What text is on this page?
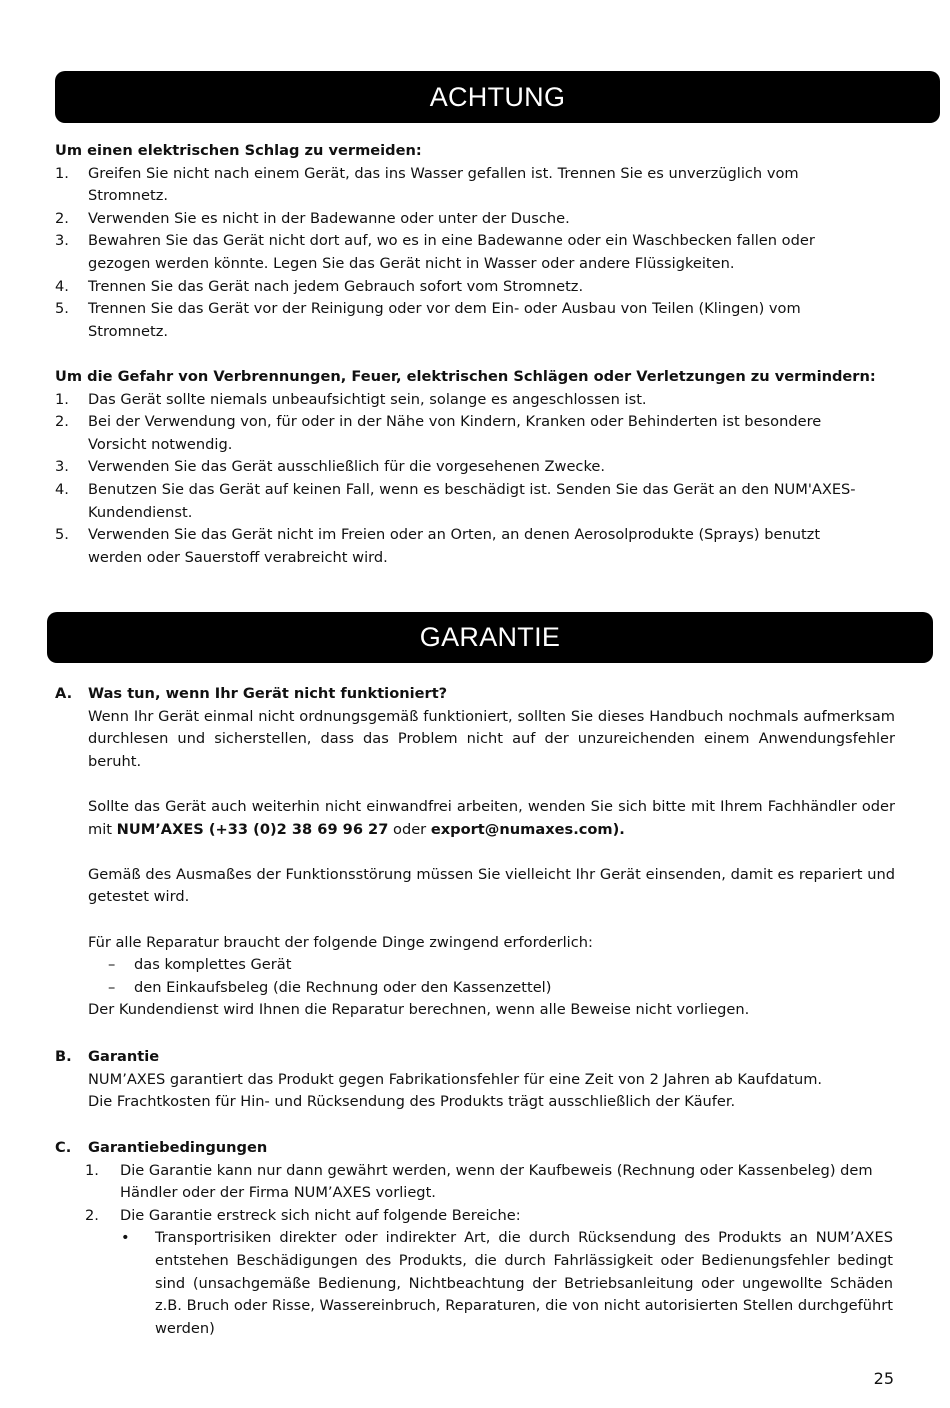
ACHTUNG
Um einen elektrischen Schlag zu vermeiden:
1. Greifen Sie nicht nach einem Gerät, das ins Wasser gefallen ist. Trennen Sie es unverzüglich vom Stromnetz.
2. Verwenden Sie es nicht in der Badewanne oder unter der Dusche.
3. Bewahren Sie das Gerät nicht dort auf, wo es in eine Badewanne oder ein Waschbecken fallen oder gezogen werden könnte. Legen Sie das Gerät nicht in Wasser oder andere Flüssigkeiten.
4. Trennen Sie das Gerät nach jedem Gebrauch sofort vom Stromnetz.
5. Trennen Sie das Gerät vor der Reinigung oder vor dem Ein- oder Ausbau von Teilen (Klingen) vom Stromnetz.
Um die Gefahr von Verbrennungen, Feuer, elektrischen Schlägen oder Verletzungen zu vermindern:
1. Das Gerät sollte niemals unbeaufsichtigt sein, solange es angeschlossen ist.
2. Bei der Verwendung von, für oder in der Nähe von Kindern, Kranken oder Behinderten ist besondere Vorsicht notwendig.
3. Verwenden Sie das Gerät ausschließlich für die vorgesehenen Zwecke.
4. Benutzen Sie das Gerät auf keinen Fall, wenn es beschädigt ist. Senden Sie das Gerät an den NUM'AXES-Kundendienst.
5. Verwenden Sie das Gerät nicht im Freien oder an Orten, an denen Aerosolprodukte (Sprays) benutzt werden oder Sauerstoff verabreicht wird.
GARANTIE
A. Was tun, wenn Ihr Gerät nicht funktioniert?
Wenn Ihr Gerät einmal nicht ordnungsgemäß funktioniert, sollten Sie dieses Handbuch nochmals aufmerksam durchlesen und sicherstellen, dass das Problem nicht auf der unzureichenden einem Anwendungsfehler beruht.
Sollte das Gerät auch weiterhin nicht einwandfrei arbeiten, wenden Sie sich bitte mit Ihrem Fachhändler oder mit NUM’AXES (+33 (0)2 38 69 96 27 oder export@numaxes.com).
Gemäß des Ausmaßes der Funktionsstörung müssen Sie vielleicht Ihr Gerät einsenden, damit es repariert und getestet wird.
Für alle Reparatur braucht der folgende Dinge zwingend erforderlich:
– das komplettes Gerät
– den Einkaufsbeleg (die Rechnung oder den Kassenzettel)
Der Kundendienst wird Ihnen die Reparatur berechnen, wenn alle Beweise nicht vorliegen.
B. Garantie
NUM’AXES garantiert das Produkt gegen Fabrikationsfehler für eine Zeit von 2 Jahren ab Kaufdatum.
Die Frachtkosten für Hin- und Rücksendung des Produkts trägt ausschließlich der Käufer.
C. Garantiebedingungen
1. Die Garantie kann nur dann gewährt werden, wenn der Kaufbeweis (Rechnung oder Kassenbeleg) dem Händler oder der Firma NUM’AXES vorliegt.
2. Die Garantie erstreck sich nicht auf folgende Bereiche:
• Transportrisiken direkter oder indirekter Art, die durch Rücksendung des Produkts an NUM’AXES entstehen Beschädigungen des Produkts, die durch Fahrlässigkeit oder Bedienungsfehler bedingt sind (unsachgemäße Bedienung, Nichtbeachtung der Betriebsanleitung oder ungewollte Schäden z.B. Bruch oder Risse, Wassereinbruch, Reparaturen, die von nicht autorisierten Stellen durchgeführt werden)
25
